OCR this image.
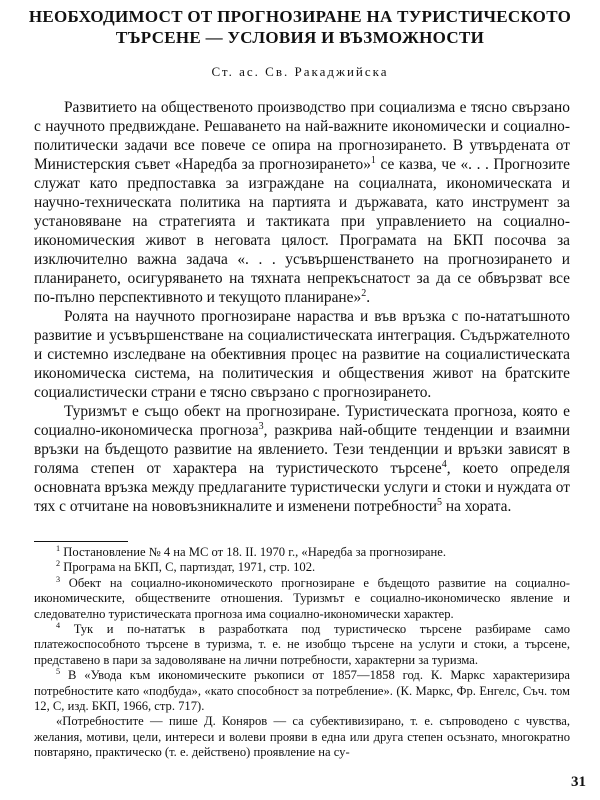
НЕОБХОДИМОСТ ОТ ПРОГНОЗИРАНЕ НА ТУРИСТИЧЕСКОТО
ТЪРСЕНЕ — УСЛОВИЯ И ВЪЗМОЖНОСТИ
Ст. ас. Св. Ракаджийска

Развитието на общественото производство при социализма е тясно свързано с научното предвиждане. Решаването на най-важните икономически и социално-политически задачи все повече се опира на прогнозирането. В утвърдената от Министерския съвет «Наредба за прогнозирането»$^1$ се казва, че «. . . Прогнозите служат като предпоставка за изграждане на социалната, икономическата и научно-техническата политика на партията и държавата, като инструмент за установяване на стратегията и тактиката при управлението на социално-икономическия живот в неговата цялост. Програмата на БКП посочва за изключително важна задача «. . . усъвършенстването на прогнозирането и планирането, осигуряването на тяхната непрекъснатост за да се обвързват все по-пълно перспективното и текущото планиране»$^2$.

Ролята на научното прогнозиране нараства и във връзка с по-нататъшното развитие и усъвършенстване на социалистическата интеграция. Съдържателното и системно изследване на обективния процес на развитие на социалистическата икономическа система, на политическия и обществения живот на братските социалистически страни е тясно свързано с прогнозирането.

Туризмът е също обект на прогнозиране. Туристическата прогноза, която е социално-икономическа прогноза$^3$, разкрива най-общите тенденции и взаимни връзки на бъдещото развитие на явлението. Тези тенденции и връзки зависят в голяма степен от характера на туристическото търсене$^4$, което определя основната връзка между предлаганите туристически услуги и стоки и нуждата от тях с отчитане на нововъзникналите и изменени потребности$^5$ на хората.

$^1$ Постановление № 4 на МС от 18. II. 1970 г., «Наредба за прогнозиране.

$^2$ Програма на БКП, С, партиздат, 1971, стр. 102.

$^3$ Обект на социално-икономическото прогнозиране е бъдещото развитие на социално-икономическите, обществените отношения. Туризмът е социално-икономическо явление и следователно туристическата прогноза има социално-икономически характер.

$^4$ Тук и по-нататък в разработката под туристическо търсене разбираме само платежоспособното търсене в туризма, т. е. не изобщо търсене на услуги и стоки, а търсене, представено в пари за задоволяване на лични потребности, характерни за туризма.

$^5$ В «Увода към икономическите ръкописи от 1857—1858 год. К. Маркс характеризира потребностите като «подбуда», «като способност за потребление». (К. Маркс, Фр. Енгелс, Съч. том 12, С, изд. БКП, 1966, стр. 717).

«Потребностите — пише Д. Коняров — са субективизирано, т. е. съпроводено с чувства, желания, мотиви, цели, интереси и волеви прояви в една или друга степен осъзнато, многократно повтаряно, практическо (т. е. действено) проявление на су-

31
